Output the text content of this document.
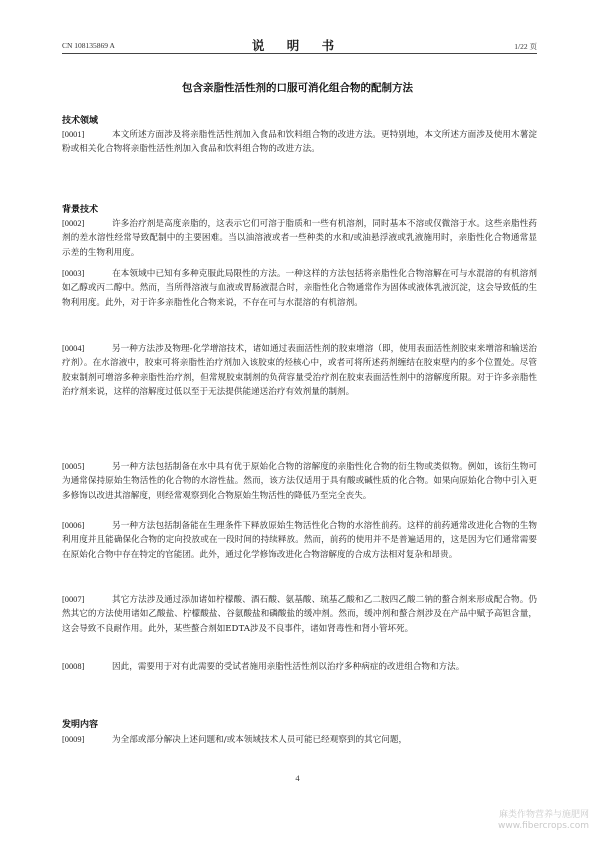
CN 108135869 A	说 明 书	1/22 页
包含亲脂性活性剂的口服可消化组合物的配制方法
技术领域

[0001]	本文所述方面涉及将亲脂性活性剂加入食品和饮料组合物的改进方法。更特别地，本文所述方面涉及使用木薯淀粉或相关化合物将亲脂性活性剂加入食品和饮料组合物的改进方法。

背景技术

[0002]	许多治疗剂是高度亲脂的，这表示它们可溶于脂质和一些有机溶剂，同时基本不溶或仅微溶于水。这些亲脂性药剂的差水溶性经常导致配制中的主要困难。当以油溶液或者一些种类的水和/或油悬浮液或乳液施用时，亲脂性化合物通常显示差的生物利用度。

[0003]	在本领域中已知有多种克服此局限性的方法。一种这样的方法包括将亲脂性化合物溶解在可与水混溶的有机溶剂如乙醇或丙二醇中。然而，当所得溶液与血液或胃肠液混合时，亲脂性化合物通常作为固体或液体乳液沉淀，这会导致低的生物利用度。此外，对于许多亲脂性化合物来说，不存在可与水混溶的有机溶剂。

[0004]	另一种方法涉及物理-化学增溶技术，诸如通过表面活性剂的胶束增溶（即，使用表面活性剂胶束来增溶和输送治疗剂）。在水溶液中，胶束可将亲脂性治疗剂加入该胶束的烃核心中，或者可将所述药剂缠结在胶束壁内的多个位置处。尽管胶束制剂可增溶多种亲脂性治疗剂，但常规胶束制剂的负荷容量受治疗剂在胶束表面活性剂中的溶解度所限。对于许多亲脂性治疗剂来说，这样的溶解度过低以至于无法提供能递送治疗有效剂量的制剂。

[0005]	另一种方法包括制备在水中具有优于原始化合物的溶解度的亲脂性化合物的衍生物或类似物。例如，该衍生物可为通常保持原始生物活性的化合物的水溶性盐。然而，该方法仅适用于具有酸或碱性质的化合物。如果向原始化合物中引入更多修饰以改进其溶解度，则经常观察到化合物原始生物活性的降低乃至完全丧失。

[0006]	另一种方法包括制备能在生理条件下释放原始生物活性化合物的水溶性前药。这样的前药通常改进化合物的生物利用度并且能确保化合物的定向投放或在一段时间的持续释放。然而，前药的使用并不是普遍适用的，这是因为它们通常需要在原始化合物中存在特定的官能团。此外，通过化学修饰改进化合物溶解度的合成方法相对复杂和昂贵。

[0007]	其它方法涉及通过添加诸如柠檬酸、酒石酸、氨基酸、琉基乙酸和乙二胺四乙酸二钠的螯合剂来形成配合物。仍然其它的方法使用诸如乙酸盐、柠檬酸盐、谷氨酸盐和磷酸盐的缓冲剂。然而，缓冲剂和螯合剂涉及在产品中赋予高钽含量，这会导致不良耐作用。此外，某些螯合剂如EDTA涉及不良事件，诸如肾毒性和肾小管坏死。

[0008]	因此，需要用于对有此需要的受试者施用亲脂性活性剂以治疗多种病症的改进组合物和方法。

发明内容

[0009]	为全部或部分解决上述问题和/或本领域技术人员可能已经观察到的其它问题，

4
麻类作物营养与施肥网
www.fibercrops.com
